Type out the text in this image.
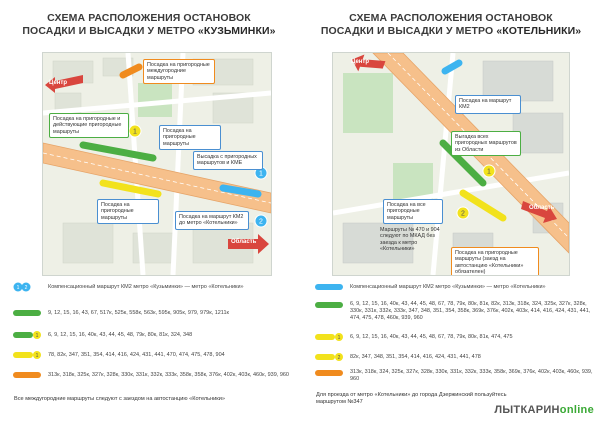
СХЕМА РАСПОЛОЖЕНИЯ ОСТАНОВОК
ПОСАДКИ И ВЫСАДКИ У МЕТРО «КУЗЬМИНКИ»
1
1
2
Центр
Область
Посадка на пригородные междугородние маршруты
Посадка на пригородные и действующие пригородные маршруты	Посадка на пригородные маршруты
Высадка с пригородных маршрутов и КМЕ
Посадка на пригородные маршруты	Посадка на маршрут КМ2 до метро «Котельники»
1 2	Компенсационный маршрут КМ2 метро «Кузьминки» — метро «Котельники»
9, 12, 15, 16, 43, 67, 517к, 525к, 558к, 563к, 595к, 905к, 979, 979к, 1211к
1 6, 9, 12, 15, 16, 40к, 43, 44, 45, 48, 79к, 80к, 81к, 324, 348
1 78, 82к, 347, 351, 354, 414, 416, 424, 431, 441, 470, 474, 475, 478, 904
313к, 318к, 325к, 327к, 328к, 330к, 331к, 332к, 333к, 358к, 358к, 376к, 402к, 403к, 460к, 939, 960
Все междугородние маршруты следуют с заездом на автостанцию «Котельники»
СХЕМА РАСПОЛОЖЕНИЯ ОСТАНОВОК
ПОСАДКИ И ВЫСАДКИ У МЕТРО «КОТЕЛЬНИКИ»
1
2
Центр
Область
Посадка на маршрут КМ2
Выгадка всех пригородных маршрутов из Области
Посадка на все пригородные маршруты
Маршруты № 470 и 904 следуют по МКАД без заезда к метро «Котельники»
Посадка на пригородные маршруты (заезд на автостанцию «Котельники» обязателен)
Компенсационный маршрут КМ2 метро «Кузьминки» — метро «Котельники»
6, 9, 12, 15, 16, 40к, 43, 44, 45, 48, 67, 78, 79к, 80к, 81к, 82к, 313к, 318к, 324, 325к, 327к, 328к, 330к, 331к, 332к, 333к, 347, 348, 351, 354, 358к, 369к, 376к, 402к, 403к, 414, 416, 424, 431, 441, 474, 475, 478, 460к, 939, 960
1 6, 9, 12, 15, 16, 40к, 43, 44, 45, 48, 67, 78, 79к, 80к, 81к, 474, 475
2 82к, 347, 348, 351, 354, 414, 416, 424, 431, 441, 478
313к, 318к, 324, 325к, 327к, 328к, 330к, 331к, 332к, 333к, 358к, 369к, 376к, 402к, 403к, 460к, 939, 960
Для проезда от метро «Котельники» до города Дзержинский пользуйтесь маршрутом №347
ЛЫТКАРИНonline
